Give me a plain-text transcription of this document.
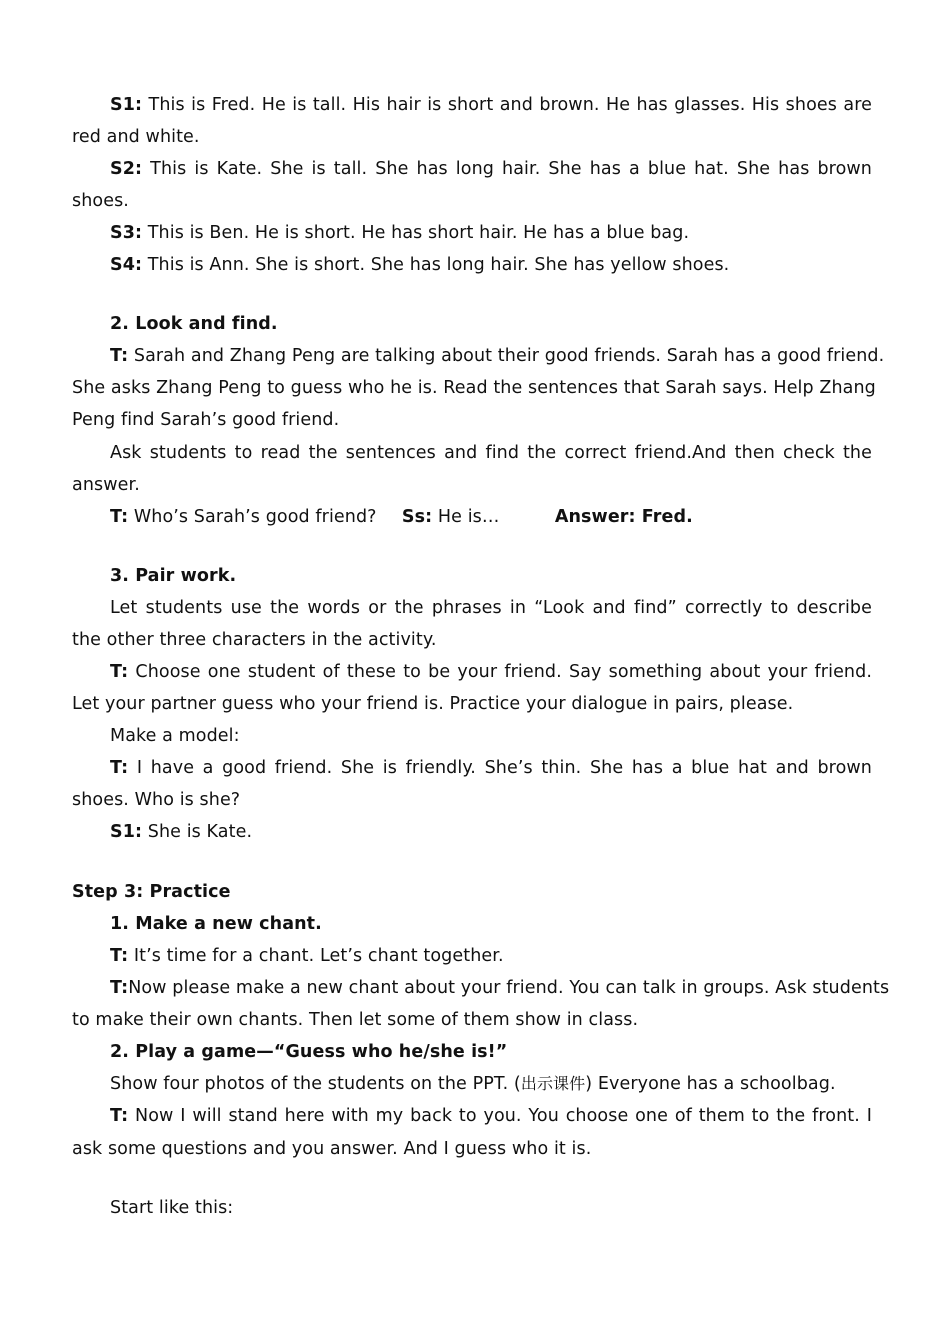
S1: This is Fred. He is tall. His hair is short and brown. He has glasses. His shoes are
red and white.
S2: This is Kate. She is tall. She has long hair. She has a blue hat. She has brown
shoes.
S3: This is Ben. He is short. He has short hair. He has a blue bag.
S4: This is Ann. She is short. She has long hair. She has yellow shoes.
2. Look and find.
T: Sarah and Zhang Peng are talking about their good friends. Sarah has a good friend.
She asks Zhang Peng to guess who he is. Read the sentences that Sarah says. Help Zhang
Peng find Sarah’s good friend.
Ask students to read the sentences and find the correct friend.And then check the
answer.
T: Who’s Sarah’s good friend? Ss: He is…	Answer: Fred.
3. Pair work.
Let students use the words or the phrases in “Look and find” correctly to describe
the other three characters in the activity.
T: Choose one student of these to be your friend. Say something about your friend.
Let your partner guess who your friend is. Practice your dialogue in pairs, please.
Make a model:
T: I have a good friend. She is friendly. She’s thin. She has a blue hat and brown
shoes. Who is she?
S1: She is Kate.
Step 3: Practice
1. Make a new chant.
T: It’s time for a chant. Let’s chant together.
T:Now please make a new chant about your friend. You can talk in groups. Ask students
to make their own chants. Then let some of them show in class.
2. Play a game—“Guess who he/she is!”
Show four photos of the students on the PPT. (出示课件) Everyone has a schoolbag.
T: Now I will stand here with my back to you. You choose one of them to the front. I
ask some questions and you answer. And I guess who it is.
Start like this:
